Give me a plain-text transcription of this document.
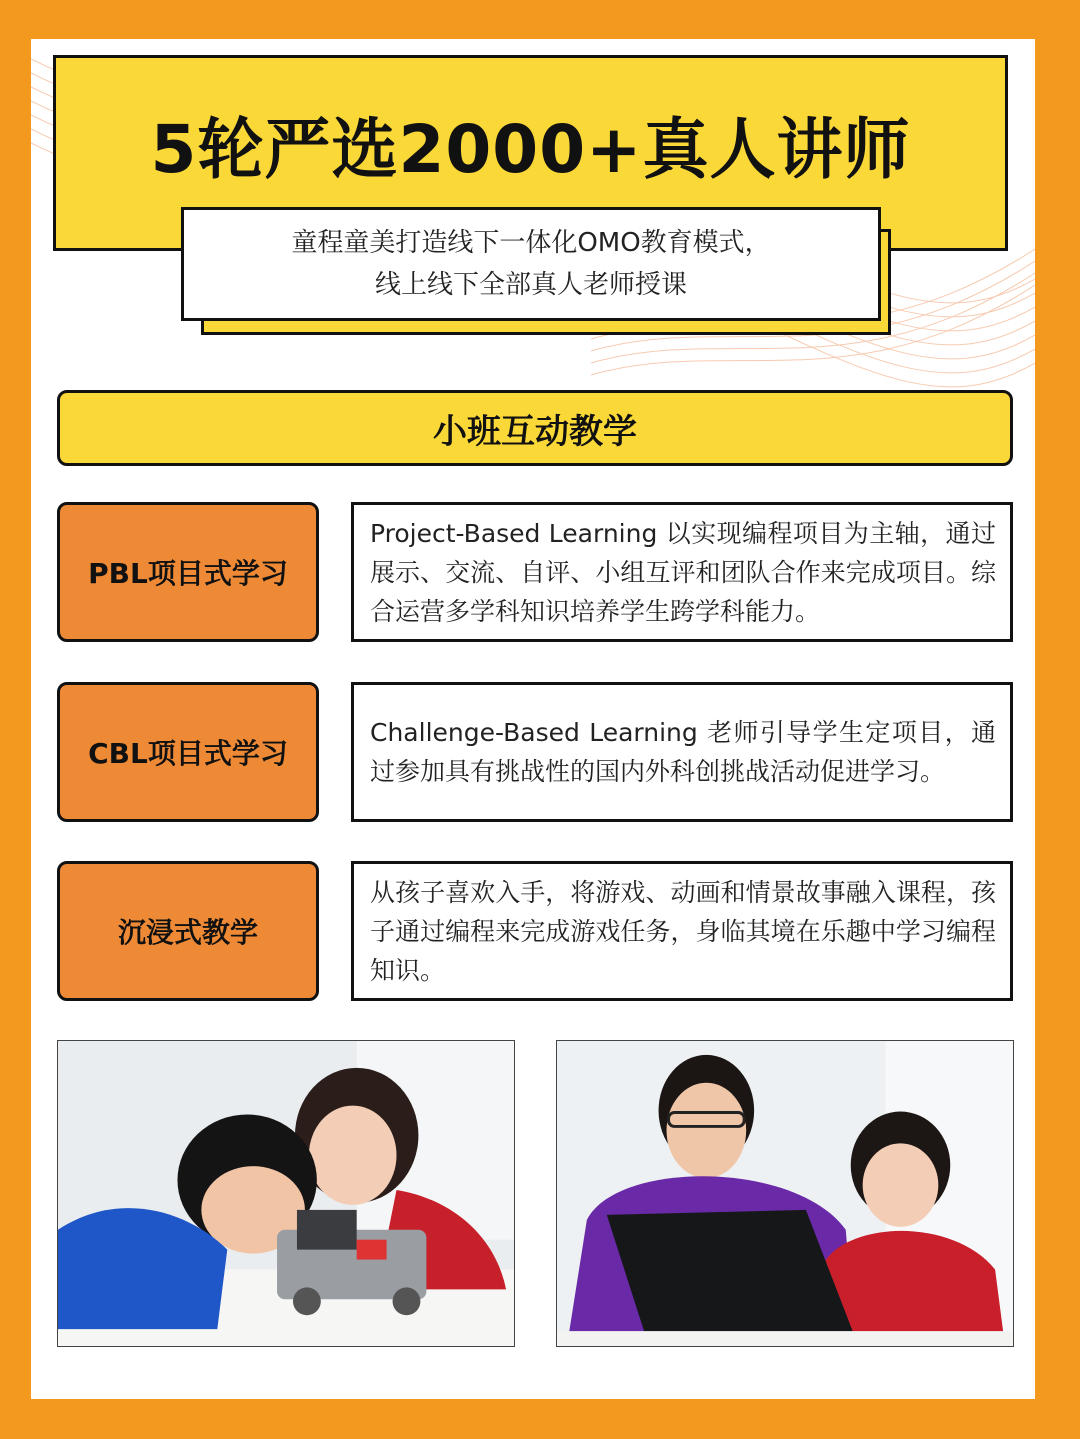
5轮严选2000+真人讲师
童程童美打造线下一体化OMO教育模式，
线上线下全部真人老师授课
小班互动教学
PBL项目式学习
Project-Based Learning 以实现编程项目为主轴，通过展示、交流、自评、小组互评和团队合作来完成项目。综合运营多学科知识培养学生跨学科能力。
CBL项目式学习
Challenge-Based Learning 老师引导学生定项目，通过参加具有挑战性的国内外科创挑战活动促进学习。
沉浸式教学
从孩子喜欢入手，将游戏、动画和情景故事融入课程，孩子通过编程来完成游戏任务，身临其境在乐趣中学习编程知识。
